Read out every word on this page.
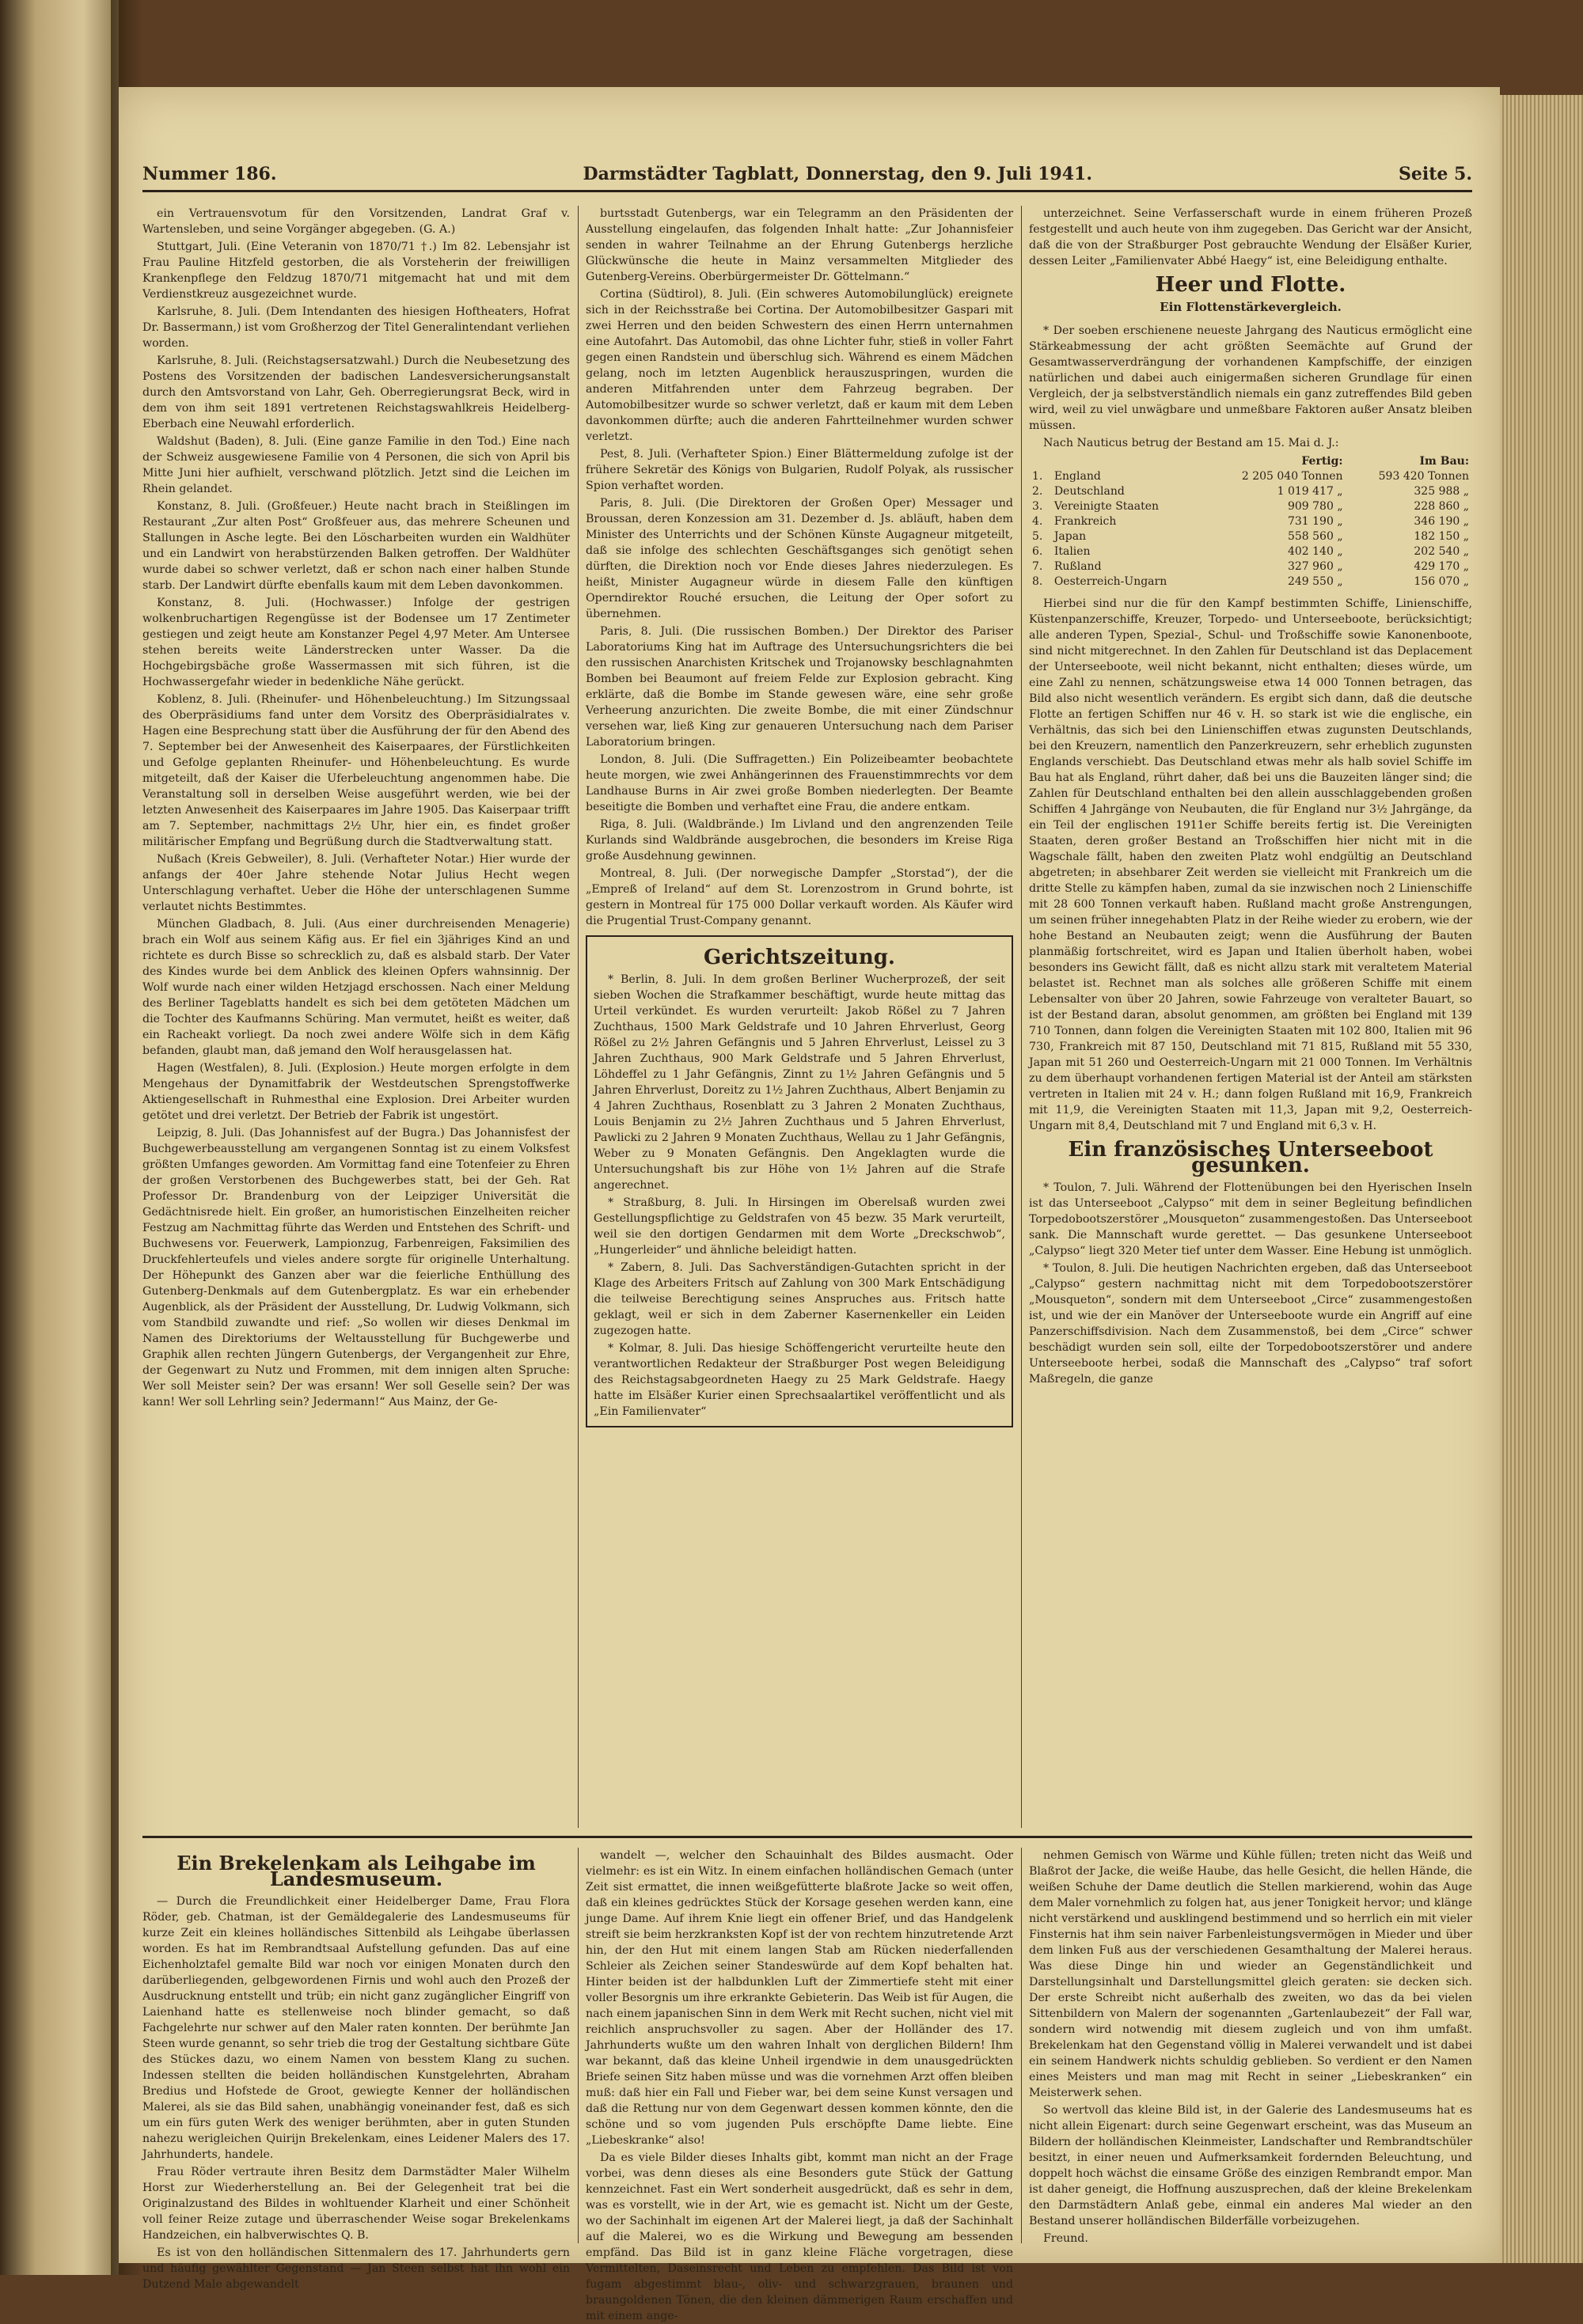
Nummer 186.	Darmstädter Tagblatt, Donnerstag, den 9. Juli 1941.	Seite 5.

ein Vertrauensvotum für den Vorsitzenden, Landrat Graf v. Wartensleben, und seine Vorgänger abgegeben. (G. A.)

Stuttgart, Juli. (Eine Veteranin von 1870/71 †.) Im 82. Lebensjahr ist Frau Pauline Hitzfeld gestorben, die als Vorsteherin der freiwilligen Krankenpflege den Feldzug 1870/71 mitgemacht hat und mit dem Verdienstkreuz ausgezeichnet wurde.

Karlsruhe, 8. Juli. (Dem Intendanten des hiesigen Hoftheaters, Hofrat Dr. Bassermann,) ist vom Großherzog der Titel Generalintendant verliehen worden.

Karlsruhe, 8. Juli. (Reichstagsersatzwahl.) Durch die Neubesetzung des Postens des Vorsitzenden der badischen Landesversicherungsanstalt durch den Amtsvorstand von Lahr, Geh. Oberregierungsrat Beck, wird in dem von ihm seit 1891 vertretenen Reichstagswahlkreis Heidelberg-Eberbach eine Neuwahl erforderlich.

Waldshut (Baden), 8. Juli. (Eine ganze Familie in den Tod.) Eine nach der Schweiz ausgewiesene Familie von 4 Personen, die sich von April bis Mitte Juni hier aufhielt, verschwand plötzlich. Jetzt sind die Leichen im Rhein gelandet.

Konstanz, 8. Juli. (Großfeuer.) Heute nacht brach in Steißlingen im Restaurant „Zur alten Post“ Großfeuer aus, das mehrere Scheunen und Stallungen in Asche legte. Bei den Löscharbeiten wurden ein Waldhüter und ein Landwirt von herabstürzenden Balken getroffen. Der Waldhüter wurde dabei so schwer verletzt, daß er schon nach einer halben Stunde starb. Der Landwirt dürfte ebenfalls kaum mit dem Leben davonkommen.

Konstanz, 8. Juli. (Hochwasser.) Infolge der gestrigen wolkenbruchartigen Regengüsse ist der Bodensee um 17 Zentimeter gestiegen und zeigt heute am Konstanzer Pegel 4,97 Meter. Am Untersee stehen bereits weite Länderstrecken unter Wasser. Da die Hochgebirgsbäche große Wassermassen mit sich führen, ist die Hochwassergefahr wieder in bedenkliche Nähe gerückt.

Koblenz, 8. Juli. (Rheinufer- und Höhenbeleuchtung.) Im Sitzungssaal des Oberpräsidiums fand unter dem Vorsitz des Oberpräsidialrates v. Hagen eine Besprechung statt über die Ausführung der für den Abend des 7. September bei der Anwesenheit des Kaiserpaares, der Fürstlichkeiten und Gefolge geplanten Rheinufer- und Höhenbeleuchtung. Es wurde mitgeteilt, daß der Kaiser die Uferbeleuchtung angenommen habe. Die Veranstaltung soll in derselben Weise ausgeführt werden, wie bei der letzten Anwesenheit des Kaiserpaares im Jahre 1905. Das Kaiserpaar trifft am 7. September, nachmittags 2½ Uhr, hier ein, es findet großer militärischer Empfang und Begrüßung durch die Stadtverwaltung statt.

Nußach (Kreis Gebweiler), 8. Juli. (Verhafteter Notar.) Hier wurde der anfangs der 40er Jahre stehende Notar Julius Hecht wegen Unterschlagung verhaftet. Ueber die Höhe der unterschlagenen Summe verlautet nichts Bestimmtes.

München Gladbach, 8. Juli. (Aus einer durchreisenden Menagerie) brach ein Wolf aus seinem Käfig aus. Er fiel ein 3jähriges Kind an und richtete es durch Bisse so schrecklich zu, daß es alsbald starb. Der Vater des Kindes wurde bei dem Anblick des kleinen Opfers wahnsinnig. Der Wolf wurde nach einer wilden Hetzjagd erschossen. Nach einer Meldung des Berliner Tageblatts handelt es sich bei dem getöteten Mädchen um die Tochter des Kaufmanns Schüring. Man vermutet, heißt es weiter, daß ein Racheakt vorliegt. Da noch zwei andere Wölfe sich in dem Käfig befanden, glaubt man, daß jemand den Wolf herausgelassen hat.

Hagen (Westfalen), 8. Juli. (Explosion.) Heute morgen erfolgte in dem Mengehaus der Dynamitfabrik der Westdeutschen Sprengstoffwerke Aktiengesellschaft in Ruhmesthal eine Explosion. Drei Arbeiter wurden getötet und drei verletzt. Der Betrieb der Fabrik ist ungestört.

Leipzig, 8. Juli. (Das Johannisfest auf der Bugra.) Das Johannisfest der Buchgewerbeausstellung am vergangenen Sonntag ist zu einem Volksfest größten Umfanges geworden. Am Vormittag fand eine Totenfeier zu Ehren der großen Verstorbenen des Buchgewerbes statt, bei der Geh. Rat Professor Dr. Brandenburg von der Leipziger Universität die Gedächtnisrede hielt. Ein großer, an humoristischen Einzelheiten reicher Festzug am Nachmittag führte das Werden und Entstehen des Schrift- und Buchwesens vor. Feuerwerk, Lampionzug, Farbenreigen, Faksimilien des Druckfehlerteufels und vieles andere sorgte für originelle Unterhaltung. Der Höhepunkt des Ganzen aber war die feierliche Enthüllung des Gutenberg-Denkmals auf dem Gutenbergplatz. Es war ein erhebender Augenblick, als der Präsident der Ausstellung, Dr. Ludwig Volkmann, sich vom Standbild zuwandte und rief: „So wollen wir dieses Denkmal im Namen des Direktoriums der Weltausstellung für Buchgewerbe und Graphik allen rechten Jüngern Gutenbergs, der Vergangenheit zur Ehre, der Gegenwart zu Nutz und Frommen, mit dem innigen alten Spruche: Wer soll Meister sein? Der was ersann! Wer soll Geselle sein? Der was kann! Wer soll Lehrling sein? Jedermann!“ Aus Mainz, der Ge-

burtsstadt Gutenbergs, war ein Telegramm an den Präsidenten der Ausstellung eingelaufen, das folgenden Inhalt hatte: „Zur Johannisfeier senden in wahrer Teilnahme an der Ehrung Gutenbergs herzliche Glückwünsche die heute in Mainz versammelten Mitglieder des Gutenberg-Vereins. Oberbürgermeister Dr. Göttelmann.“

Cortina (Südtirol), 8. Juli. (Ein schweres Automobilunglück) ereignete sich in der Reichsstraße bei Cortina. Der Automobilbesitzer Gaspari mit zwei Herren und den beiden Schwestern des einen Herrn unternahmen eine Autofahrt. Das Automobil, das ohne Lichter fuhr, stieß in voller Fahrt gegen einen Randstein und überschlug sich. Während es einem Mädchen gelang, noch im letzten Augenblick herauszuspringen, wurden die anderen Mitfahrenden unter dem Fahrzeug begraben. Der Automobilbesitzer wurde so schwer verletzt, daß er kaum mit dem Leben davonkommen dürfte; auch die anderen Fahrtteilnehmer wurden schwer verletzt.

Pest, 8. Juli. (Verhafteter Spion.) Einer Blättermeldung zufolge ist der frühere Sekretär des Königs von Bulgarien, Rudolf Polyak, als russischer Spion verhaftet worden.

Paris, 8. Juli. (Die Direktoren der Großen Oper) Messager und Broussan, deren Konzession am 31. Dezember d. Js. abläuft, haben dem Minister des Unterrichts und der Schönen Künste Augagneur mitgeteilt, daß sie infolge des schlechten Geschäftsganges sich genötigt sehen dürften, die Direktion noch vor Ende dieses Jahres niederzulegen. Es heißt, Minister Augagneur würde in diesem Falle den künftigen Operndirektor Rouché ersuchen, die Leitung der Oper sofort zu übernehmen.

Paris, 8. Juli. (Die russischen Bomben.) Der Direktor des Pariser Laboratoriums King hat im Auftrage des Untersuchungsrichters die bei den russischen Anarchisten Kritschek und Trojanowsky beschlagnahmten Bomben bei Beaumont auf freiem Felde zur Explosion gebracht. King erklärte, daß die Bombe im Stande gewesen wäre, eine sehr große Verheerung anzurichten. Die zweite Bombe, die mit einer Zündschnur versehen war, ließ King zur genaueren Untersuchung nach dem Pariser Laboratorium bringen.

London, 8. Juli. (Die Suffragetten.) Ein Polizeibeamter beobachtete heute morgen, wie zwei Anhängerinnen des Frauenstimmrechts vor dem Landhause Burns in Air zwei große Bomben niederlegten. Der Beamte beseitigte die Bomben und verhaftet eine Frau, die andere entkam.

Riga, 8. Juli. (Waldbrände.) Im Livland und den angrenzenden Teile Kurlands sind Waldbrände ausgebrochen, die besonders im Kreise Riga große Ausdehnung gewinnen.

Montreal, 8. Juli. (Der norwegische Dampfer „Storstad“), der die „Empreß of Ireland“ auf dem St. Lorenzostrom in Grund bohrte, ist gestern in Montreal für 175 000 Dollar verkauft worden. Als Käufer wird die Prugential Trust-Company genannt.

Gerichtszeitung.

* Berlin, 8. Juli. In dem großen Berliner Wucherprozeß, der seit sieben Wochen die Strafkammer beschäftigt, wurde heute mittag das Urteil verkündet. Es wurden verurteilt: Jakob Rößel zu 7 Jahren Zuchthaus, 1500 Mark Geldstrafe und 10 Jahren Ehrverlust, Georg Rößel zu 2½ Jahren Gefängnis und 5 Jahren Ehrverlust, Leissel zu 3 Jahren Zuchthaus, 900 Mark Geldstrafe und 5 Jahren Ehrverlust, Löhdeffel zu 1 Jahr Gefängnis, Zinnt zu 1½ Jahren Gefängnis und 5 Jahren Ehrverlust, Doreitz zu 1½ Jahren Zuchthaus, Albert Benjamin zu 4 Jahren Zuchthaus, Rosenblatt zu 3 Jahren 2 Monaten Zuchthaus, Louis Benjamin zu 2½ Jahren Zuchthaus und 5 Jahren Ehrverlust, Pawlicki zu 2 Jahren 9 Monaten Zuchthaus, Wellau zu 1 Jahr Gefängnis, Weber zu 9 Monaten Gefängnis. Den Angeklagten wurde die Untersuchungshaft bis zur Höhe von 1½ Jahren auf die Strafe angerechnet.

* Straßburg, 8. Juli. In Hirsingen im Oberelsaß wurden zwei Gestellungspflichtige zu Geldstrafen von 45 bezw. 35 Mark verurteilt, weil sie den dortigen Gendarmen mit dem Worte „Dreckschwob“, „Hungerleider“ und ähnliche beleidigt hatten.

* Zabern, 8. Juli. Das Sachverständigen-Gutachten spricht in der Klage des Arbeiters Fritsch auf Zahlung von 300 Mark Entschädigung die teilweise Berechtigung seines Anspruches aus. Fritsch hatte geklagt, weil er sich in dem Zaberner Kasernenkeller ein Leiden zugezogen hatte.

* Kolmar, 8. Juli. Das hiesige Schöffengericht verurteilte heute den verantwortlichen Redakteur der Straßburger Post wegen Beleidigung des Reichstagsabgeordneten Haegy zu 25 Mark Geldstrafe. Haegy hatte im Elsäßer Kurier einen Sprechsaalartikel veröffentlicht und als „Ein Familienvater“

unterzeichnet. Seine Verfasserschaft wurde in einem früheren Prozeß festgestellt und auch heute von ihm zugegeben. Das Gericht war der Ansicht, daß die von der Straßburger Post gebrauchte Wendung der Elsäßer Kurier, dessen Leiter „Familienvater Abbé Haegy“ ist, eine Beleidigung enthalte.

Heer und Flotte.
Ein Flottenstärkevergleich.

* Der soeben erschienene neueste Jahrgang des Nauticus ermöglicht eine Stärkeabmessung der acht größten Seemächte auf Grund der Gesamtwasserverdrängung der vorhandenen Kampfschiffe, der einzigen natürlichen und dabei auch einigermaßen sicheren Grundlage für einen Vergleich, der ja selbstverständlich niemals ein ganz zutreffendes Bild geben wird, weil zu viel unwägbare und unmeßbare Faktoren außer Ansatz bleiben müssen.

Nach Nauticus betrug der Bestand am 15. Mai d. J.:

		Fertig:	Im Bau:
1.	England	2 205 040 Tonnen	593 420 Tonnen
2.	Deutschland	1 019 417 „	325 988 „
3.	Vereinigte Staaten	909 780 „	228 860 „
4.	Frankreich	731 190 „	346 190 „
5.	Japan	558 560 „	182 150 „
6.	Italien	402 140 „	202 540 „
7.	Rußland	327 960 „	429 170 „
8.	Oesterreich-Ungarn	249 550 „	156 070 „

Hierbei sind nur die für den Kampf bestimmten Schiffe, Linienschiffe, Küstenpanzerschiffe, Kreuzer, Torpedo- und Unterseeboote, berücksichtigt; alle anderen Typen, Spezial-, Schul- und Troßschiffe sowie Kanonenboote, sind nicht mitgerechnet. In den Zahlen für Deutschland ist das Deplacement der Unterseeboote, weil nicht bekannt, nicht enthalten; dieses würde, um eine Zahl zu nennen, schätzungsweise etwa 14 000 Tonnen betragen, das Bild also nicht wesentlich verändern. Es ergibt sich dann, daß die deutsche Flotte an fertigen Schiffen nur 46 v. H. so stark ist wie die englische, ein Verhältnis, das sich bei den Linienschiffen etwas zugunsten Deutschlands, bei den Kreuzern, namentlich den Panzerkreuzern, sehr erheblich zugunsten Englands verschiebt. Das Deutschland etwas mehr als halb soviel Schiffe im Bau hat als England, rührt daher, daß bei uns die Bauzeiten länger sind; die Zahlen für Deutschland enthalten bei den allein ausschlaggebenden großen Schiffen 4 Jahrgänge von Neubauten, die für England nur 3½ Jahrgänge, da ein Teil der englischen 1911er Schiffe bereits fertig ist. Die Vereinigten Staaten, deren großer Bestand an Troßschiffen hier nicht mit in die Wagschale fällt, haben den zweiten Platz wohl endgültig an Deutschland abgetreten; in absehbarer Zeit werden sie vielleicht mit Frankreich um die dritte Stelle zu kämpfen haben, zumal da sie inzwischen noch 2 Linienschiffe mit 28 600 Tonnen verkauft haben. Rußland macht große Anstrengungen, um seinen früher innegehabten Platz in der Reihe wieder zu erobern, wie der hohe Bestand an Neubauten zeigt; wenn die Ausführung der Bauten planmäßig fortschreitet, wird es Japan und Italien überholt haben, wobei besonders ins Gewicht fällt, daß es nicht allzu stark mit veraltetem Material belastet ist. Rechnet man als solches alle größeren Schiffe mit einem Lebensalter von über 20 Jahren, sowie Fahrzeuge von veralteter Bauart, so ist der Bestand daran, absolut genommen, am größten bei England mit 139 710 Tonnen, dann folgen die Vereinigten Staaten mit 102 800, Italien mit 96 730, Frankreich mit 87 150, Deutschland mit 71 815, Rußland mit 55 330, Japan mit 51 260 und Oesterreich-Ungarn mit 21 000 Tonnen. Im Verhältnis zu dem überhaupt vorhandenen fertigen Material ist der Anteil am stärksten vertreten in Italien mit 24 v. H.; dann folgen Rußland mit 16,9, Frankreich mit 11,9, die Vereinigten Staaten mit 11,3, Japan mit 9,2, Oesterreich-Ungarn mit 8,4, Deutschland mit 7 und England mit 6,3 v. H.

Ein französisches Unterseeboot gesunken.

* Toulon, 7. Juli. Während der Flottenübungen bei den Hyerischen Inseln ist das Unterseeboot „Calypso“ mit dem in seiner Begleitung befindlichen Torpedobootszerstörer „Mousqueton“ zusammengestoßen. Das Unterseeboot sank. Die Mannschaft wurde gerettet. — Das gesunkene Unterseeboot „Calypso“ liegt 320 Meter tief unter dem Wasser. Eine Hebung ist unmöglich.

* Toulon, 8. Juli. Die heutigen Nachrichten ergeben, daß das Unterseeboot „Calypso“ gestern nachmittag nicht mit dem Torpedobootszerstörer „Mousqueton“, sondern mit dem Unterseeboot „Circe“ zusammengestoßen ist, und wie der ein Manöver der Unterseeboote wurde ein Angriff auf eine Panzerschiffsdivision. Nach dem Zusammenstoß, bei dem „Circe“ schwer beschädigt wurden sein soll, eilte der Torpedobootszerstörer und andere Unterseeboote herbei, sodaß die Mannschaft des „Calypso“ traf sofort Maßregeln, die ganze

Ein Brekelenkam als Leihgabe im Landesmuseum.

— Durch die Freundlichkeit einer Heidelberger Dame, Frau Flora Röder, geb. Chatman, ist der Gemäldegalerie des Landesmuseums für kurze Zeit ein kleines holländisches Sittenbild als Leihgabe überlassen worden. Es hat im Rembrandtsaal Aufstellung gefunden. Das auf eine Eichenholztafel gemalte Bild war noch vor einigen Monaten durch den darüberliegenden, gelbgewordenen Firnis und wohl auch den Prozeß der Ausdrucknung entstellt und trüb; ein nicht ganz zugänglicher Eingriff von Laienhand hatte es stellenweise noch blinder gemacht, so daß Fachgelehrte nur schwer auf den Maler raten konnten. Der berühmte Jan Steen wurde genannt, so sehr trieb die trog der Gestaltung sichtbare Güte des Stückes dazu, wo einem Namen von besstem Klang zu suchen. Indessen stellten die beiden holländischen Kunstgelehrten, Abraham Bredius und Hofstede de Groot, gewiegte Kenner der holländischen Malerei, als sie das Bild sahen, unabhängig voneinander fest, daß es sich um ein fürs guten Werk des weniger berühmten, aber in guten Stunden nahezu werigleichen Quirijn Brekelenkam, eines Leidener Malers des 17. Jahrhunderts, handele.

Frau Röder vertraute ihren Besitz dem Darmstädter Maler Wilhelm Horst zur Wiederherstellung an. Bei der Gelegenheit trat bei die Originalzustand des Bildes in wohltuender Klarheit und einer Schönheit voll feiner Reize zutage und überraschender Weise sogar Brekelenkams Handzeichen, ein halbverwischtes Q. B.

Es ist von den holländischen Sittenmalern des 17. Jahrhunderts gern und häufig gewählter Gegenstand — Jan Steen selbst hat ihn wohl ein Dutzend Male abgewandelt

wandelt —, welcher den Schauinhalt des Bildes ausmacht. Oder vielmehr: es ist ein Witz. In einem einfachen holländischen Gemach (unter Zeit sist ermattet, die innen weißgefütterte blaßrote Jacke so weit offen, daß ein kleines gedrücktes Stück der Korsage gesehen werden kann, eine junge Dame. Auf ihrem Knie liegt ein offener Brief, und das Handgelenk streift sie beim herzkranksten Kopf ist der von rechtem hinzutretende Arzt hin, der den Hut mit einem langen Stab am Rücken niederfallenden Schleier als Zeichen seiner Standeswürde auf dem Kopf behalten hat. Hinter beiden ist der halbdunklen Luft der Zimmertiefe steht mit einer voller Besorgnis um ihre erkrankte Gebieterin. Das Weib ist für Augen, die nach einem japanischen Sinn in dem Werk mit Recht suchen, nicht viel mit reichlich anspruchsvoller zu sagen. Aber der Holländer des 17. Jahrhunderts wußte um den wahren Inhalt von derglichen Bildern! Ihm war bekannt, daß das kleine Unheil irgendwie in dem unausgedrückten Briefe seinen Sitz haben müsse und was die vornehmen Arzt offen bleiben muß: daß hier ein Fall und Fieber war, bei dem seine Kunst versagen und daß die Rettung nur von dem Gegenwart dessen kommen könnte, den die schöne und so vom jugenden Puls erschöpfte Dame liebte. Eine „Liebeskranke“ also!

Da es viele Bilder dieses Inhalts gibt, kommt man nicht an der Frage vorbei, was denn dieses als eine Besonders gute Stück der Gattung kennzeichnet. Fast ein Wert sonderheit ausgedrückt, daß es sehr in dem, was es vorstellt, wie in der Art, wie es gemacht ist. Nicht um der Geste, wo der Sachinhalt im eigenen Art der Malerei liegt, ja daß der Sachinhalt auf die Malerei, wo es die Wirkung und Bewegung am bessenden empfänd. Das Bild ist in ganz kleine Fläche vorgetragen, diese Vermittelten, Daseinsrecht und Leben zu empfehlen. Das Bild ist von fugam abgestimmt blau-, oliv- und schwarzgrauen, braunen und braungoldenen Tönen, die den kleinen dämmerigen Raum erschaffen und mit einem ange-

nehmen Gemisch von Wärme und Kühle füllen; treten nicht das Weiß und Blaßrot der Jacke, die weiße Haube, das helle Gesicht, die hellen Hände, die weißen Schuhe der Dame deutlich die Stellen markierend, wohin das Auge dem Maler vornehmlich zu folgen hat, aus jener Tonigkeit hervor; und klänge nicht verstärkend und ausklingend bestimmend und so herrlich ein mit vieler Finsternis hat ihm sein naiver Farbenleistungsvermögen in Mieder und über dem linken Fuß aus der verschiedenen Gesamthaltung der Malerei heraus. Was diese Dinge hin und wieder an Gegenständlichkeit und Darstellungsinhalt und Darstellungsmittel gleich geraten: sie decken sich. Der erste Schreibt nicht außerhalb des zweiten, wo das da bei vielen Sittenbildern von Malern der sogenannten „Gartenlaubezeit“ der Fall war, sondern wird notwendig mit diesem zugleich und von ihm umfaßt. Brekelenkam hat den Gegenstand völlig in Malerei verwandelt und ist dabei ein seinem Handwerk nichts schuldig geblieben. So verdient er den Namen eines Meisters und man mag mit Recht in seiner „Liebeskranken“ ein Meisterwerk sehen.

So wertvoll das kleine Bild ist, in der Galerie des Landesmuseums hat es nicht allein Eigenart: durch seine Gegenwart erscheint, was das Museum an Bildern der holländischen Kleinmeister, Landschafter und Rembrandtschüler besitzt, in einer neuen und Aufmerksamkeit fordernden Beleuchtung, und doppelt hoch wächst die einsame Größe des einzigen Rembrandt empor. Man ist daher geneigt, die Hoffnung auszusprechen, daß der kleine Brekelenkam den Darmstädtern Anlaß gebe, einmal ein anderes Mal wieder an den Bestand unserer holländischen Bilderfälle vorbeizugehen.

Freund.
